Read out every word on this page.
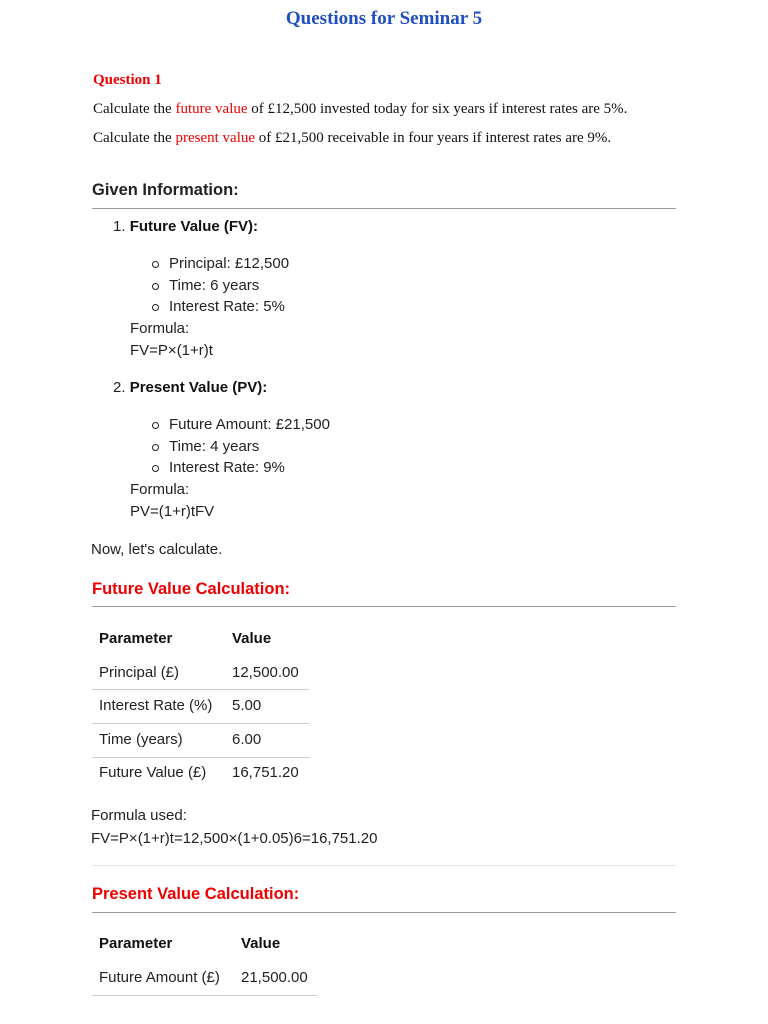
Questions for Seminar 5
Question 1
Calculate the future value of £12,500 invested today for six years if interest rates are 5%.
Calculate the present value of £21,500 receivable in four years if interest rates are 9%.
Given Information:
1. Future Value (FV):
Principal: £12,500
Time: 6 years
Interest Rate: 5%
Formula:
FV=P×(1+r)t
2. Present Value (PV):
Future Amount: £21,500
Time: 4 years
Interest Rate: 9%
Formula:
PV=(1+r)tFV
Now, let's calculate.
Future Value Calculation:
Parameter	Value
Principal (£)	12,500.00
Interest Rate (%) 5.00
Time (years)	6.00
Future Value (£) 16,751.20
Formula used:
FV=P×(1+r)t=12,500×(1+0.05)6=16,751.20
Present Value Calculation:
Parameter	Value
Future Amount (£) 21,500.00
